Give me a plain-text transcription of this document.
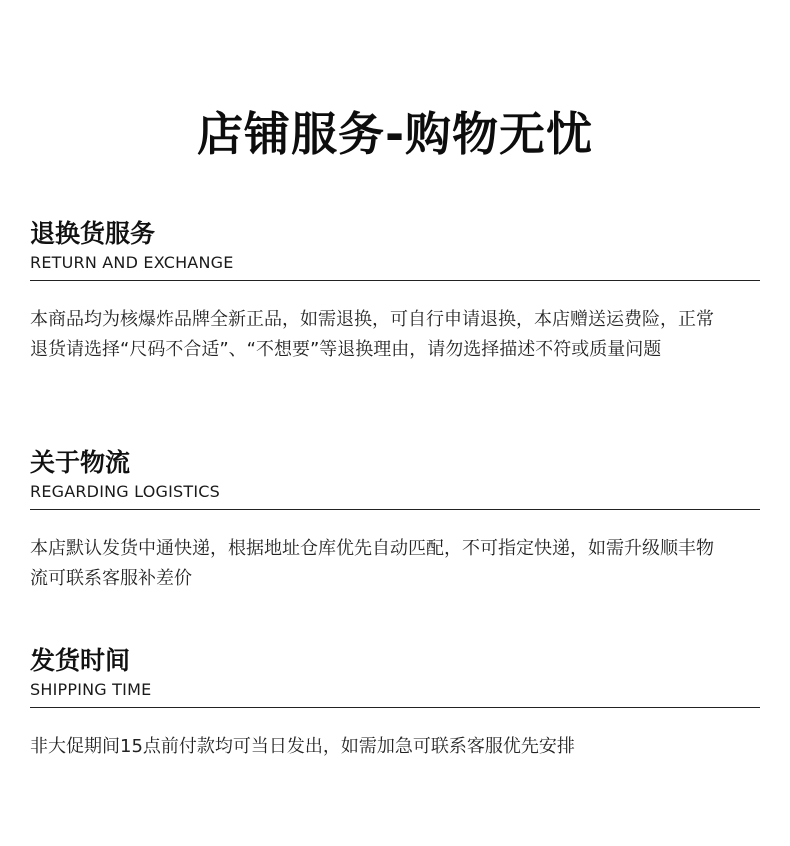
店铺服务-购物无忧
退换货服务
RETURN AND EXCHANGE

本商品均为核爆炸品牌全新正品，如需退换，可自行申请退换，本店赠送运费险，正常退货请选择“尺码不合适”、“不想要”等退换理由，请勿选择描述不符或质量问题

关于物流
REGARDING LOGISTICS

本店默认发货中通快递，根据地址仓库优先自动匹配，不可指定快递，如需升级顺丰物流可联系客服补差价

发货时间
SHIPPING TIME

非大促期间15点前付款均可当日发出，如需加急可联系客服优先安排
